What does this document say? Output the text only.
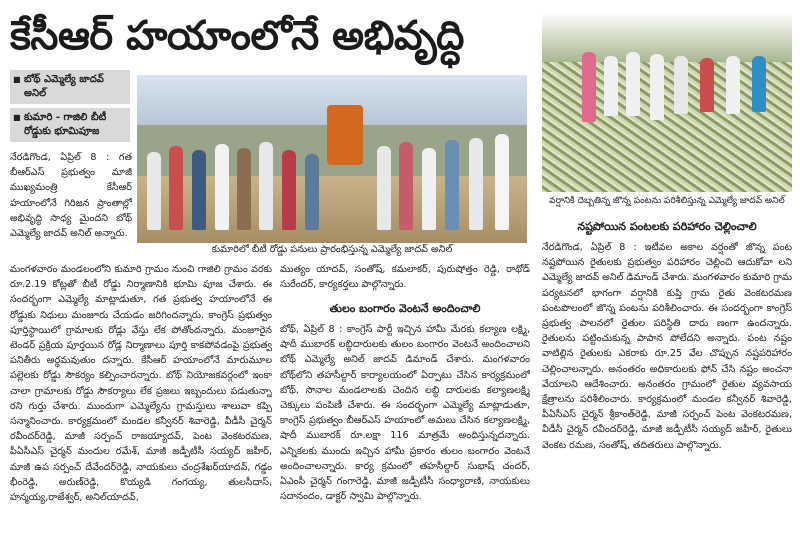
కేసీఆర్ హయాంలోనే అభివృద్ధి
■ బోథ్ ఎమ్మెల్యే జాదవ్ అనిల్
■ కుమారి - గాజిలి బీటీ రోడ్డుకు భూమిపూజ
నేరడిగొండ, ఏప్రిల్ 8 : గత బీఆర్ఎస్ ప్రభుత్వం మాజీ ముఖ్యమంత్రి కేసీఆర్ హయాంలోనే గిరిజన ప్రాంతాల్లో అభివృద్ధి సాధ్య మైందని బోథ్ ఎమ్మెల్యే జాదవ్ అనిల్ అన్నారు.
కుమారిలో బీటీ రోడ్డు పనులు ప్రారంభిస్తున్న ఎమ్మెల్యే జాదవ్ అనిల్
మంగళవారం మండలంలోని కుమారి గ్రామం నుంచి గాజిలి గ్రామం వరకు రూ.2.19 కోట్లతో బీటీ రోడ్డు నిర్మాణానికి భూమి పూజ చేశారు. ఈ సందర్భంగా ఎమ్మెల్యే మాట్లాడుతూ, గత ప్రభుత్వ హయాంలోనే ఈ రోడ్డుకు నిధులు మంజూరు చేయడం జరిగిందన్నారు. కాంగ్రెస్ ప్రభుత్వం పూర్తిస్థాయిలో గ్రామాలకు రోడ్లు వేస్తు లేక పోతోందన్నారు. మంజూరైన టెండర్ ప్రక్రియ పూర్తయిన రోడ్ల నిర్మాణాలు పూర్తి కాకపోవడంపై ప్రభుత్వ పనితీరు అర్థమవుతుం దన్నారు. కేసీఆర్ హయాంలోనే మారుమూల పల్లెలకు రోడ్డు సౌకర్యం కల్పించారన్నారు. బోథ్ నియోజకవర్గంలో ఇంకా చాలా గ్రామాలకు రోడ్డు సౌకర్యాలు లేక ప్రజలు ఇబ్బందులు పడుతున్నా రని గుర్తు చేశారు. ముందుగా ఎమ్మెల్యేను గ్రామస్తులు శాలువా కప్పి సన్మానించారు. కార్యక్రమంలో మండల కన్వీనర్ శివారెడ్డి, వీడీసీ చైర్మన్ రవీందర్‌రెడ్డి, మాజీ సర్పంచ్ రాజయ్యాదవ్, పెంట వెంకటరమణ, పీఏసీఎస్ చైర్మన్ మందుల రమేశ్, మాజీ జడ్పీటీసీ సయ్యద్ జహీర్, మాజీ ఉప సర్పంచ్ దేవేందర్‌రెడ్డి, నాయకులు చంద్రశేఖర్‌యాదవ్, గడ్డం భీంరెడ్డి, అరుణ్‌రెడ్డి, కొయ్యడి గంగయ్య, తులసీదాస్, హన్మయ్య,రాజేశ్వర్, అనిల్‌యాదవ్,
ముత్యం యాదవ్, సంతోష్, కమలాకర్, పురుషోత్తం రెడ్డి, రాథోడ్ సురేందర్, కార్యకర్తలు పాల్గొన్నారు.
తులం బంగారం వెంటనే అందించాలి
బోథ్, ఏప్రిల్ 8 : కాంగ్రెస్ పార్టీ ఇచ్చిన హామీ మేరకు కల్యాణ లక్ష్మి, షాదీ ముబారక్ లబ్ధిదారులకు తులం బంగారం వెంటనే అందించాలని బోథ్ ఎమ్మెల్యే అనిల్ జాదవ్ డిమాండ్ చేశారు. మంగళవారం బోథ్‌లోని తహసీల్దార్ కార్యాలయంలో ఏర్పాటు చేసిన కార్యక్రమంలో బోథ్, సొనాల మండలాలకు చెందిన లబ్ధి దారులకు కల్యాణలక్ష్మి చెక్కులు పంపిణీ చేశారు. ఈ సందర్భంగా ఎమ్మెల్యే మాట్లాడుతూ, కాంగ్రెస్ ప్రభుత్వం బీఆర్ఎస్ హయాంలో అమలు చేసిన కల్యాణలక్ష్మి, షాదీ ముబారక్ రూ.లక్షా 116 మాత్రమే అందిస్తున్నదన్నారు. ఎన్నికలకు ముందు ఇచ్చిన హామీ ప్రకారం తులం బంగారం వెంటనే అందించాలన్నారు. కార్య క్రమంలో తహసీల్దార్ సుభాష్ చందర్, ఏఎంసీ చైర్మన్ గంగారెడ్డి, మాజీ జడ్పీటీసీ సంధ్యారాణి, నాయకులు సదానందం, డాక్టర్ స్వామి పాల్గొన్నారు.
వర్షానికి దెబ్బతిన్న జొన్న పంటను పరిశీలిస్తున్న ఎమ్మెల్యే జాదవ్ అనిల్
నష్టపోయిన పంటలకు పరిహారం చెల్లించాలి
నేరడిగొండ, ఏప్రిల్ 8 : ఇటీవల అకాల వర్షంతో జొన్న పంట నష్టపోయిన రైతులకు ప్రభుత్వం పరిహారం చెల్లించి ఆదుకోవా లని ఎమ్మెల్యే జాదవ్ అనిల్ డిమాండ్ చేశారు. మంగళవారం కుమారి గ్రామ పర్యటనలో భాగంగా వర్షానికి కుప్తి గ్రామ రైతు వెంకటరమణ పంటపొలంలో జొన్న పంటను పరిశీలించారు. ఈ సందర్భంగా కాంగ్రెస్ ప్రభుత్వ పాలనలో రైతుల పరిస్థితి దారు ణంగా ఉందన్నారు. రైతులను పట్టించుకున్న పాపాన పోలేదని అన్నారు. పంట నష్టం వాటిల్లిన రైతులకు ఎకరాకు రూ.25 వేల చొప్పున నష్టపరిహారం చెల్లించాలన్నారు. అనంతరం అధికారులకు ఫోన్ చేసి నష్టం అంచనా వేయాలని ఆదేశించారు. అనంతరం గ్రామంలో రైతుల వ్యవసాయ క్షేత్రాలను పరిశీలించారు. కార్యక్రమంలో మండల కన్వీనర్ శివారెడ్డి, పీఏసీఎస్ చైర్మన్ శ్రీకాంత్‌రెడ్డి, మాజీ సర్పంచ్ పెంట వెంకటరమణ, వీడీసీ చైర్మన్ రవీందర్‌రెడ్డి, మాజీ జడ్పీటీసీ సయ్యద్ జహీర్, రైతులు వెంకట రమణ, సంతోష్, తదితరులు పాల్గొన్నారు.
